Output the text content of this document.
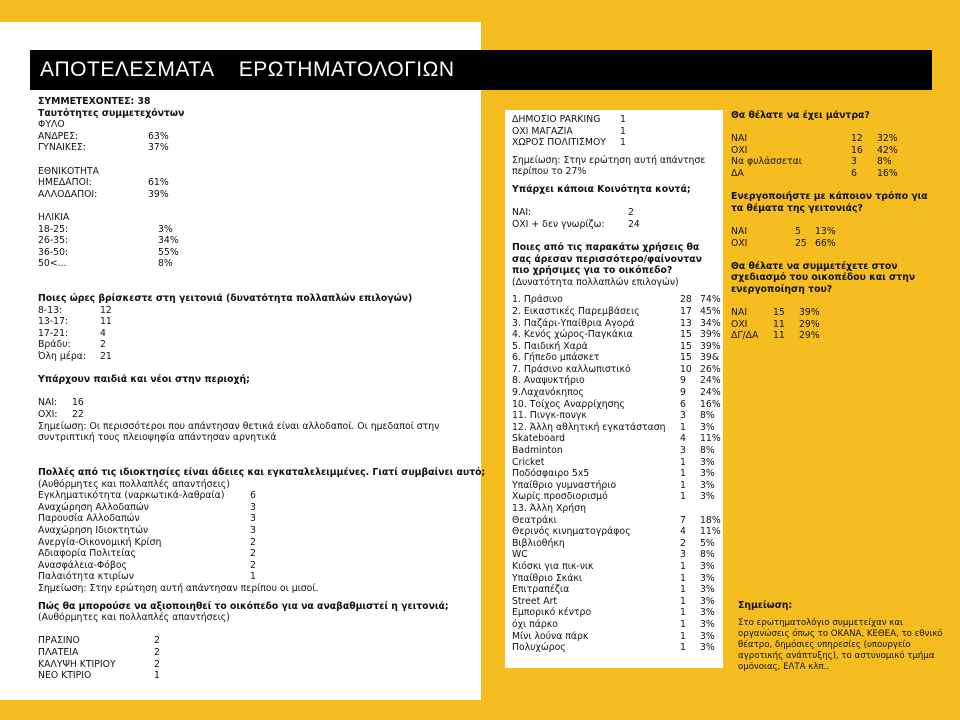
ΑΠΟΤΕΛΕΣΜΑΤΑ    ΕΡΩΤΗΜΑΤΟΛΟΓΙΩΝ
ΣΥΜΜΕΤΕΧΟΝΤΕΣ: 38
Ταυτότητες συμμετεχόντων
ΦΥΛΟ
ΑΝΔΡΕΣ:	63%
ΓΥΝΑΙΚΕΣ:	37%
ΕΘΝΙΚΟΤΗΤΑ
ΗΜΕΔΑΠΟΙ:	61%
ΑΛΛΟΔΑΠΟΙ:	39%
ΗΛΙΚΙΑ
18-25:	3%
26-35:	34%
36-50:	55%
50<...	8%
Ποιες ώρες βρίσκεστε στη γειτονιά (δυνατότητα πολλαπλών επιλογών)
8-13:	12
13-17:	11
17-21:	4
Βράδυ:	2
Όλη μέρα: 21
Υπάρχουν παιδιά και νέοι στην περιοχή;
ΝΑΙ: 16
ΟΧΙ: 22
Σημείωση: Οι περισσότεροι που απάντησαν θετικά είναι αλλοδαποί. Οι ημεδαποί στην συντριπτική τους πλειοψηφία απάντησαν αρνητικά
Πολλές από τις ιδιοκτησίες είναι άδειες και εγκαταλελειμμένες. Γιατί συμβαίνει αυτό;
(Αυθόρμητες και πολλαπλές απαντήσεις)
Εγκληματικότητα (ναρκωτικά-λαθραία)	6
Αναχώρηση Αλλοδαπών	3
Παρουσία Αλλοδαπών	3
Αναχώρηση Ιδιοκτητών	3
Ανεργία-Οικονομική Κρίση	2
Αδιαφορία Πολιτείας	2
Ανασφάλεια-Φόβος	2
Παλαιότητα κτιρίων	1
Σημείωση: Στην ερώτηση αυτή απάντησαν περίπου οι μισοί.
Πώς θα μπορούσε να αξιοποιηθεί το οικόπεδο για να αναβαθμιστεί η γειτονιά;
(Αυθόρμητες και πολλαπλές απαντήσεις)
ΠΡΑΣΙΝΟ	2
ΠΛΑΤΕΙΑ	2
ΚΑΛΥΨΗ ΚΤΙΡΙΟΥ	2
ΝΕΟ ΚΤΙΡΙΟ	1
ΔΗΜΟΣΙΟ PARKING 1
ΟΧΙ ΜΑΓΑΖΙΑ	1
ΧΩΡΟΣ ΠΟΛΙΤΙΣΜΟΥ 1
Σημείωση: Στην ερώτηση αυτή απάντησε περίπου το 27%
Υπάρχει κάποια Κοινότητα κοντά;
ΝΑΙ:	2
ΟΧΙ + δεν γνωρίζω:	24
Ποιες από τις παρακάτω χρήσεις θα σας άρεσαν περισσότερο/φαίνονταν πιο χρήσιμες για το οικόπεδο?
(Δυνατότητα πολλαπλών επιλογών)
1. Πράσινο	28 74%
2. Εικαστικές Παρεμβάσεις	17 45%
3. Παζάρι-Υπαίθρια Αγορά	13 34%
4. Κενός χώρος-Παγκάκια	15 39%
5. Παιδική Χαρά	15 39%
6. Γήπεδο μπάσκετ	15 39&
7. Πράσινο καλλωπιστικό	10 26%
8. Αναψυκτήριο	9 24%
9.Λαχανόκηπος	9 24%
10. Τοίχος Αναρρίχησης	6 16%
11. Πινγκ-πονγκ	3 8%
12. Άλλη αθλητική εγκατάσταση 1 3%
Skateboard	4 11%
Badminton	3 8%
Cricket	1 3%
Ποδόσφαιρο 5x5	1 3%
Υπαίθριο γυμναστήριο	1 3%
Χωρίς προσδιορισμό	1 3%
13. Άλλη Χρήση
Θεατράκι	7 18%
Θερινός κινηματογράφος	4 11%
Βιβλιοθήκη	2 5%
WC	3 8%
Κιόσκι για πικ-νικ	1 3%
Υπαίθριο Σκάκι	1 3%
Επιτραπέζια	1 3%
Street Art	1 3%
Εμπορικό κέντρο	1 3%
όχι πάρκο	1 3%
Μίνι λούνα πάρκ	1 3%
Πολυχώρος	1 3%
Θα θέλατε να έχει μάντρα?
ΝΑΙ	12 32%
ΟΧΙ	16 42%
Να φυλάσσεται	3 8%
ΔΑ	6 16%
Ενεργοποιήστε με κάποιον τρόπο για τα θέματα της γειτονιάς?
ΝΑΙ	5 13%
ΟΧΙ	25 66%
Θα θέλατε να συμμετέχετε στον σχεδιασμό του οικοπέδου και στην ενεργοποίηση του?
ΝΑΙ	15 39%
ΟΧΙ	11 29%
ΔΓ/ΔΑ 11 29%
Σημείωση:
Στο ερωτηματολόγιο συμμετείχαν και οργανώσεις όπως το ΟΚΑΝΑ, ΚΕΘΕΑ, το εθνικό θέατρο, δημόσιες υπηρεσίες (υπουργείο αγροτικής ανάπτυξης), το αστυνομικό τμήμα ομόνοιας, ΕΛΤΑ κλπ..
